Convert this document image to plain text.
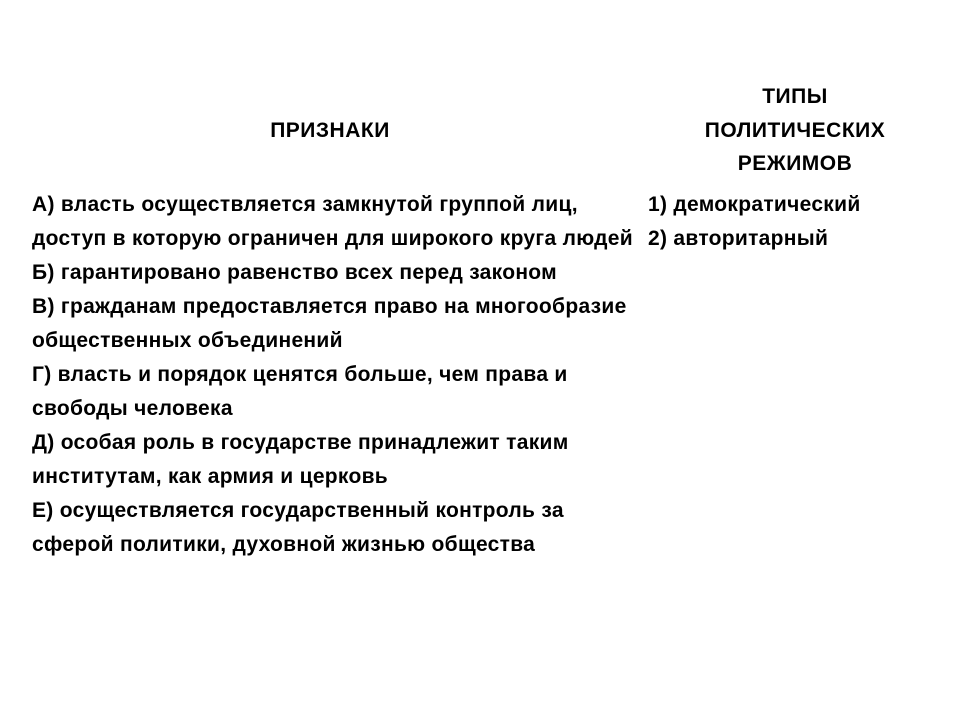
ПРИЗНАКИ
ТИПЫ
ПОЛИТИЧЕСКИХ
РЕЖИМОВ
А) власть осуществляется замкнутой группой лиц, доступ в которую ограничен для широкого круга людей
Б) гарантировано равенство всех перед законом
В) гражданам предоставляется право на многообразие общественных объединений
Г) власть и порядок ценятся больше, чем права и свободы человека
Д) особая роль в государстве принадлежит таким институтам, как армия и церковь
Е) осуществляется государственный контроль за сферой политики, духовной жизнью общества
1) демократический
2) авторитарный
